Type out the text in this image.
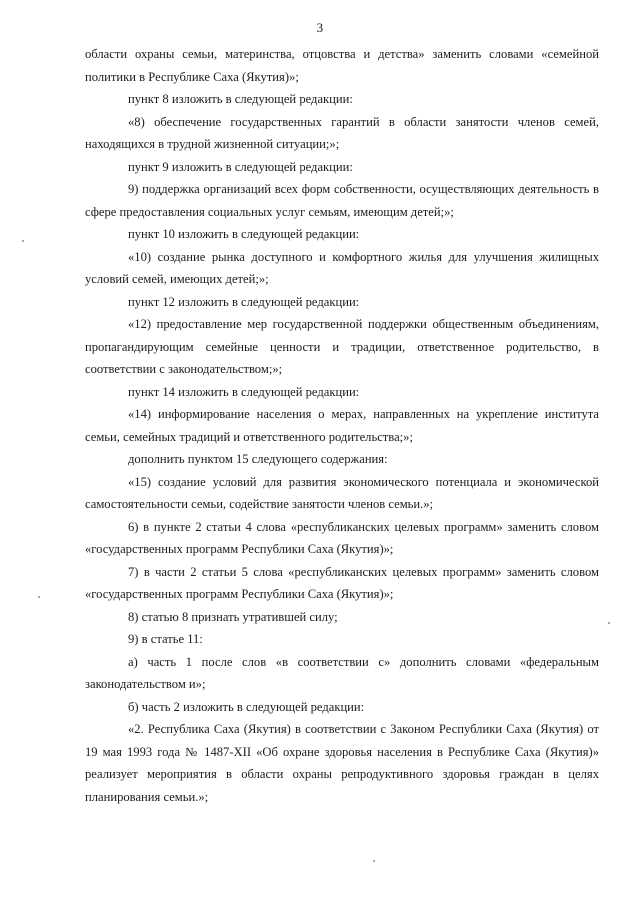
3
области охраны семьи, материнства, отцовства и детства» заменить словами «семейной политики в Республике Саха (Якутия)»;
пункт 8 изложить в следующей редакции:
«8) обеспечение государственных гарантий в области занятости членов семей, находящихся в трудной жизненной ситуации;»;
пункт 9 изложить в следующей редакции:
9) поддержка организаций всех форм собственности, осуществляющих деятельность в сфере предоставления социальных услуг семьям, имеющим детей;»;
пункт 10 изложить в следующей редакции:
«10) создание рынка доступного и комфортного жилья для улучшения жилищных условий семей, имеющих детей;»;
пункт 12 изложить в следующей редакции:
«12) предоставление мер государственной поддержки общественным объединениям, пропагандирующим семейные ценности и традиции, ответственное родительство, в соответствии с законодательством;»;
пункт 14 изложить в следующей редакции:
«14) информирование населения о мерах, направленных на укрепление института семьи, семейных традиций и ответственного родительства;»;
дополнить пунктом 15 следующего содержания:
«15) создание условий для развития экономического потенциала и экономической самостоятельности семьи, содействие занятости членов семьи.»;
6) в пункте 2 статьи 4 слова «республиканских целевых программ» заменить словом «государственных программ Республики Саха (Якутия)»;
7) в части 2 статьи 5 слова «республиканских целевых программ» заменить словом «государственных программ Республики Саха (Якутия)»;
8) статью 8 признать утратившей силу;
9) в статье 11:
а) часть 1 после слов «в соответствии с» дополнить словами «федеральным законодательством и»;
б) часть 2 изложить в следующей редакции:
«2. Республика Саха (Якутия) в соответствии с Законом Республики Саха (Якутия) от 19 мая 1993 года № 1487-XII «Об охране здоровья населения в Республике Саха (Якутия)» реализует мероприятия в области охраны репродуктивного здоровья граждан в целях планирования семьи.»;
